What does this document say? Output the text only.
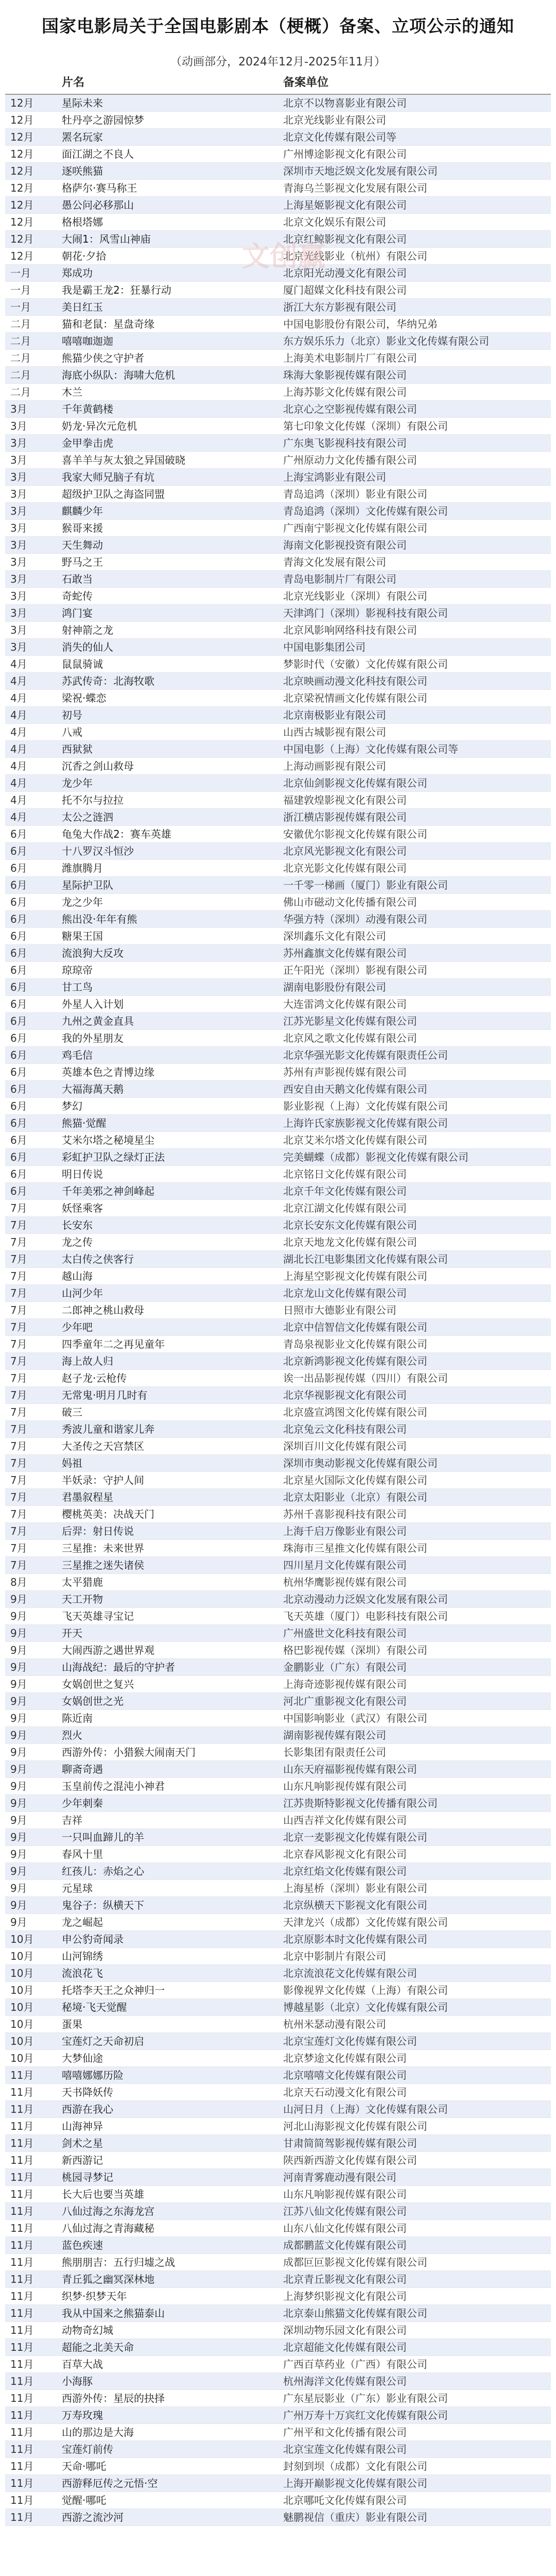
国家电影局关于全国电影剧本（梗概）备案、立项公示的通知
（动画部分，2024年12月-2025年11月）
	片名	备案单位
12月	星际未来	北京不以物喜影业有限公司
12月	牡丹亭之游园惊梦	北京光线影业有限公司
12月	罴名玩家	北京文化传媒有限公司等
12月	面江湖之不良人	广州博途影视文化有限公司
12月	逐咲熊猫	深圳市天地泛娱文化发展有限公司
12月	格萨尔·赛马称王	青海乌兰影视文化发展有限公司
12月	愚公问必移那山	上海星姬影视文化有限公司
12月	格根塔娜	北京文化娱乐有限公司
12月	大闹1：风雪山神庙	北京红鲸影视文化有限公司
12月	朝花·夕拾	北京光线影业（杭州）有限公司
一月	郑成功	北京阳光动漫文化有限公司
一月	我是霸王龙2：狂暴行动	厦门超媒文化科技有限公司
一月	美日红玉	浙江大东方影视有限公司
二月	猫和老鼠：星盘奇缘	中国电影股份有限公司，华纳兄弟
二月	嘻嘻咖迦迦	东方娱乐乐力（北京）影业文化传媒有限公司
二月	熊猫少侠之守护者	上海美术电影制片厂有限公司
二月	海底小纵队：海啸大危机	珠海大象影视传媒有限公司
二月	木兰	上海苏影文化传媒有限公司
3月	千年黄鹤楼	北京心之空影视传媒有限公司
3月	奶龙·异次元危机	第七印象文化传媒（深圳）有限公司
3月	金甲拳击虎	广东奥飞影视科技有限公司
3月	喜羊羊与灰太狼之异国破晓	广州原动力文化传播有限公司
3月	我家大师兄脑子有坑	上海宝鸿影业有限公司
3月	超级护卫队之海盗同盟	青岛追鸿（深圳）影业有限公司
3月	麒麟少年	青岛追鸿（深圳）文化传媒有限公司
3月	猴哥来援	广西南宁影视文化传媒有限公司
3月	天生舞动	海南文化影视投资有限公司
3月	野马之王	青海文化发展有限公司
3月	石敢当	青岛电影制片厂有限公司
3月	奇蛇传	北京光线影业（深圳）有限公司
3月	鸿门宴	天津鸿门（深圳）影视科技有限公司
3月	射神箭之龙	北京风影响网络科技有限公司
3月	消失的仙人	中国电影集团公司
4月	鼠鼠骑诚	梦影时代（安徽）文化传媒有限公司
4月	苏武传奇：北海牧歌	北京映画动漫文化科技有限公司
4月	梁祝·蝶恋	北京梁祝情画文化传媒有限公司
4月	初号	北京南极影业有限公司
4月	八戒	山西古城影视有限公司
4月	西狱狱	中国电影（上海）文化传媒有限公司等
4月	沉香之剑山救母	上海动画影视有限公司
4月	龙少年	北京仙剑影视文化传媒有限公司
4月	托不尔与拉拉	福建敦煌影视文化有限公司
4月	太公之涟泗	浙江横店影视传媒有限公司
6月	龟兔大作战2：赛车英雄	安徽优尔影视文化传媒有限公司
6月	十八罗汉斗恒沙	北京风光影视文化有限公司
6月	潍旗腾月	北京光影文化传媒有限公司
6月	星际护卫队	一千零一梯画（厦门）影业有限公司
6月	龙之少年	佛山市磁动文化传播有限公司
6月	熊出没·年年有熊	华强方特（深圳）动漫有限公司
6月	糖果王国	深圳鑫乐文化有限公司
6月	流浪狗大反攻	苏州鑫旗文化传媒有限公司
6月	琼琼帝	正午阳光（深圳）影视有限公司
6月	甘工鸟	湖南电影股份有限公司
6月	外星人入计划	大连雷鸿文化传媒有限公司
6月	九州之黄金直具	江苏光影星文化传媒有限公司
6月	我的外星朋友	北京风之歌文化传媒有限公司
6月	鸡毛信	北京华强光影文化传媒有限责任公司
6月	英雄本色之青博边缘	苏州有声影视传媒有限公司
6月	大福海萬天鹅	西安自由天鹅文化传媒有限公司
6月	梦幻	影业影视（上海）文化传媒有限公司
6月	熊猫·觉醒	上海许氏家族影视文化传媒有限公司
6月	艾米尔塔之秘境星尘	北京艾米尔塔文化传媒有限公司
6月	彩虹护卫队之绿灯正法	完美蝴蝶（成都）影视文化传媒有限公司
6月	明日传说	北京铭日文化传媒有限公司
6月	千年美邪之神剑峰起	北京千年文化传媒有限公司
7月	妖怪乘客	北京江湖文化传媒有限公司
7月	长安东	北京长安东文化传媒有限公司
7月	龙之传	北京天地龙文化传媒有限公司
7月	太白传之侠客行	湖北长江电影集团文化传媒有限公司
7月	越山海	上海星空影视文化传媒有限公司
7月	山河少年	北京龙山文化传媒有限公司
7月	二郎神之桃山救母	日照市大德影业有限公司
7月	少年吧	北京中信智信文化传媒有限公司
7月	四季童年二之再见童年	青岛泉视影业文化传媒有限公司
7月	海上故人归	北京新鸿影视文化传媒有限公司
7月	赵子龙·云枪传	诶一出品影视传媒（四川）有限公司
7月	无常鬼·明月几时有	北京华视影视文化有限公司
7月	破三	北京盛宣鸿图文化传媒有限公司
7月	秀波儿童和谐家儿奔	北京兔云文化科技有限公司
7月	大圣传之天宫禁区	深圳百川文化传媒有限公司
7月	妈祖	深圳市奥动影视文化传媒有限公司
7月	半妖录：守护人间	北京星火国际文化传媒有限公司
7月	君墨叙程星	北京太阳影业（北京）有限公司
7月	樱桃英美：决战天门	苏州千喜影视科技有限公司
7月	后羿：射日传说	上海千启万像影业有限公司
7月	三星推：未来世界	珠海市三星推文化传媒有限公司
7月	三星推之迷失诸侯	四川星月文化传媒有限公司
8月	太平猎鹿	杭州华鹰影视传媒有限公司
9月	天工开物	北京动漫动力泛娱文化发展有限公司
9月	飞天英雄寻宝记	飞天英雄（厦门）电影科技有限公司
9月	开天	广州盛世文化科技有限公司
9月	大闹西游之遇世界观	格巴影视传媒（深圳）有限公司
9月	山海战纪：最后的守护者	金鹏影业（广东）有限公司
9月	女娲创世之复兴	上海奇迹影视传媒有限公司
9月	女娲创世之光	河北广重影视文化有限公司
9月	陈近南	中国影响影业（武汉）有限公司
9月	烈火	湖南影视传媒有限公司
9月	西游外传：小猎猴大闹南天门	长影集团有限责任公司
9月	聊斋奇遇	山东天府福影视传媒有限公司
9月	玉皇前传之混沌小神君	山东凡响影视传媒有限公司
9月	少年刺秦	江苏贵斯特影视文化传播有限公司
9月	吉祥	山西吉祥文化传媒有限公司
9月	一只叫血蹄儿的羊	北京一麦影视文化传媒有限公司
9月	春风十里	北京春风影视文化有限公司
9月	红孩儿：赤焰之心	北京红焰文化传媒有限公司
9月	元星球	上海星桥（深圳）影业有限公司
9月	鬼谷子：纵横天下	北京纵横天下影视文化有限公司
9月	龙之崛起	天津龙兴（成都）文化传媒有限公司
10月	申公豹奇闻录	北京原影本时文化传媒有限公司
10月	山河锦绣	北京中影制片有限公司
10月	流浪花飞	北京流浪花文化传媒有限公司
10月	托塔李天王之众神归一	影像视界文化传媒（上海）有限公司
10月	秘境·飞天觉醒	博越星影（北京）文化传媒有限公司
10月	蛋果	杭州米瑟动漫有限公司
10月	宝莲灯之天命初启	北京宝莲灯文化传媒有限公司
10月	大梦仙途	北京梦途文化传媒有限公司
11月	嘻嘻娜娜历险	北京嘻嘻文化传媒有限公司
11月	天书降妖传	北京天石动漫文化有限公司
11月	西游在我心	山河日月（上海）文化传媒有限公司
11月	山海神异	河北山海影视文化传媒有限公司
11月	剑术之星	甘肃简简驾影视传媒有限公司
11月	新西游记	陕西新西游文化传媒有限公司
11月	桃园寻梦记	河南青雾鹿动漫有限公司
11月	长大后也要当英雄	山东凡响影视传媒有限公司
11月	八仙过海之东海龙宫	江苏八仙文化传媒有限公司
11月	八仙过海之青海藏秘	山东八仙文化传媒有限公司
11月	蓝色疾速	成都鹏蓝文化传媒有限公司
11月	熊朋朋吉：五行归墟之战	成都叵叵影视文化传媒有限公司
11月	青丘狐之幽冥深林地	北京青丘影视文化有限公司
11月	织梦·织梦天年	上海梦织影视文化有限公司
11月	我从中国来之熊猫泰山	北京泰山熊猫文化传媒有限公司
11月	动物奇幻城	深圳动物乐园文化有限公司
11月	超能之北美天命	北京超能文化传媒有限公司
11月	百草大战	广西百草药业（广西）有限公司
11月	小海豚	杭州海洋文化传媒有限公司
11月	西游外传：星辰的抉择	广东星辰影业（广东）影业有限公司
11月	万寿玫瑰	广州万寿十万宾红文化传媒有限公司
11月	山的那边是大海	广州平和文化传播有限公司
11月	宝莲灯前传	北京宝莲文化传媒有限公司
11月	天命·哪吒	封刻到坝（成都）文化有限公司
11月	西游释厄传之元悟·空	上海开巅影视文化传媒有限公司
11月	觉醒·哪吒	北京哪吒文化传媒有限公司
11月	西游之流沙河	魅鹏视信（重庆）影业有限公司
文创赢
